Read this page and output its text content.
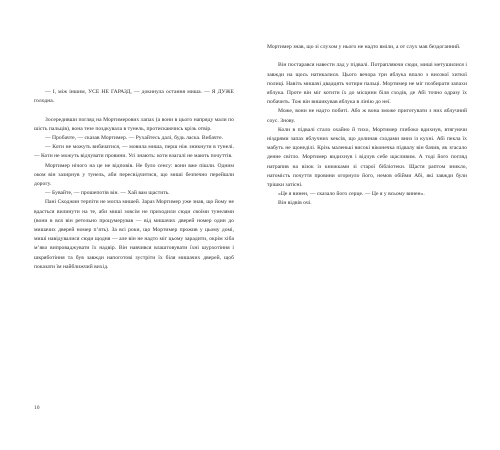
— І, між іншим, УСЕ НЕ ГАРАЗД, — докинула остання миша. — Я ДУЖЕ голодна.

Зосередивши погляд на Мортимерових лапах (а вони в цього напряду мали по шість пальців), вона тезе поздкувала в тунель, протискаючись крізь отвір.

— Пробачте, — сказав Мортимер. — Рухайтесь далі, будь ласка. Вибачте.

— Коти не можуть вибачатися, — мовила миша, перш ніж зникнути в тунелі. — Коти не можуть відчувати провини. Усі знають: коти взагалі не мають почуттів.

Мортимер нічого на це не відповів. Не було сенсу: вони вже пішли. Одним оком він зазирнув у тунель, аби пересвідчитися, що миші безпечно перейшли дорогу.

— Бувайте, — прошепотів він. — Хай вам щастить.

Пані Скоджин терпіти не могла мишей. Зараз Мортимер уже знав, що йому не вдасться вилинути на те, аби миші зовсім не приходили сюди своїми тунелями (вони в вся він ретельно процумерував — від мишачих дверей номер один до мишачих дверей номер п’ять). За всі роки, що Мортимер прожив у цьому домі, миші навідувалися сюди щодня — але він не надто міг цьому зарадити, окрім хіба м’яко випроваджувати їх надвір. Він навчився влаштовувати їхні шурхотіння і шкряботіння та був завжди напоготові зустріти їх біля мишачих дверей, щоб показати їм найближчий вихід.

10

Мортимер знав, що зі слухом у нього не надто вміли, а от слух мав бездоганний.

Він постарався навести лад у підвалі. Потрапляючи сюди, миші метушилися і завжди на щось натикалися. Цього вечора три яблука впало з високої хиткої полиці. Навіть мишачі двадцять чотири пальці. Мортимер не міг позбирати запахи яблука. Проте він міг котити їх до місцини біля сходів, де Абі точно одразу їх побачить. Тож він вишикував яблука в лінію до неї.

Може, вони не надто побиті. Або ж вона зможе приготувати з них яблучний соус. Знову.

Коли в підвалі стало охайно й тихо, Мортимер глибоко вдихнув, втягуючи ніздрями запах яблучних кексів, що долинав сходами вниз із кухні. Абі пекла їх мабуть не щонеділі. Крізь маленькі високі віконечка підвалу він бачив, як згасало денне світло. Мортимер видихнув і відчув себе щасливим. А тоді його погляд натрапив на візок із книжками зі старої бібліотеки. Щастя раптом зникло, натомість почуття провини огорнуло його, немов обійми Абі, які завжди були трішки затісні.

«Це я винен, — сказало його серце. — Це я у всьому винен».

Він відвів очі.
